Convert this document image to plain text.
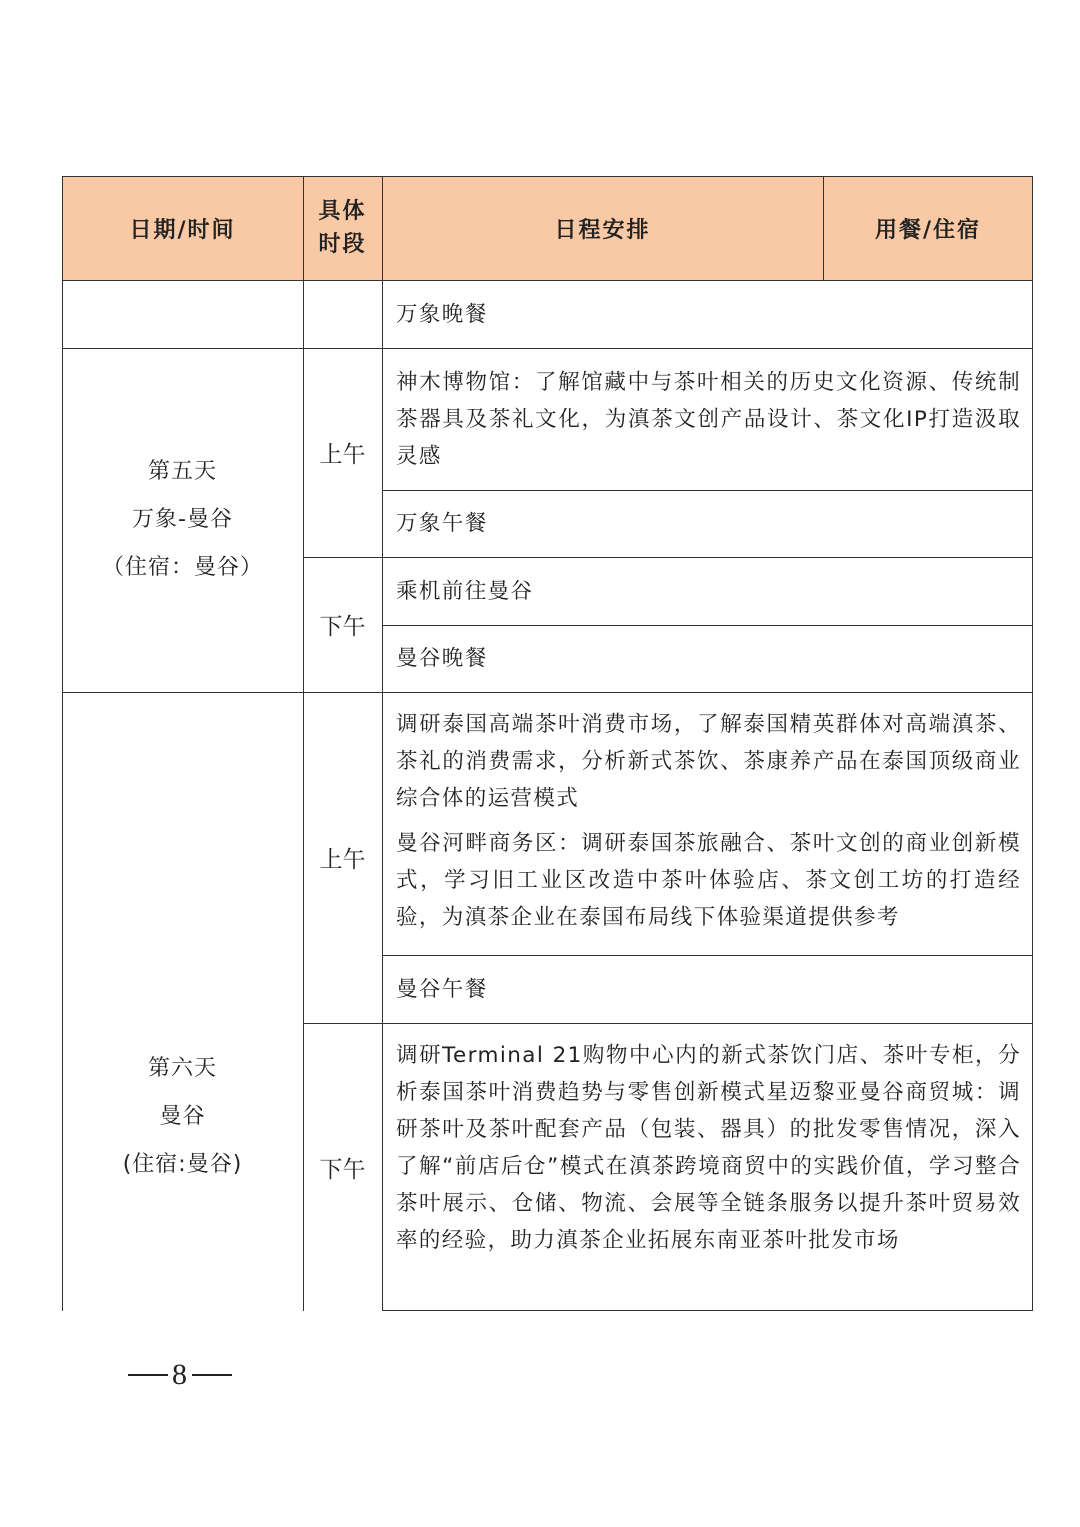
日期/时间
具体
时段
日程安排	用餐/住宿
万象晚餐
第五天
万象-曼谷
（住宿：曼谷）
上午
神木博物馆：了解馆藏中与茶叶相关的历史文化资源、传统制茶器具及茶礼文化，为滇茶文创产品设计、茶文化IP打造汲取灵感
万象午餐
下午
乘机前往曼谷
曼谷晚餐
第六天
曼谷
(住宿:曼谷)
上午
调研泰国高端茶叶消费市场，了解泰国精英群体对高端滇茶、茶礼的消费需求，分析新式茶饮、茶康养产品在泰国顶级商业综合体的运营模式
曼谷河畔商务区：调研泰国茶旅融合、茶叶文创的商业创新模式，学习旧工业区改造中茶叶体验店、茶文创工坊的打造经验，为滇茶企业在泰国布局线下体验渠道提供参考
曼谷午餐
下午
调研Terminal 21购物中心内的新式茶饮门店、茶叶专柜，分析泰国茶叶消费趋势与零售创新模式星迈黎亚曼谷商贸城：调研茶叶及茶叶配套产品（包装、器具）的批发零售情况，深入了解“前店后仓”模式在滇茶跨境商贸中的实践价值，学习整合茶叶展示、仓储、物流、会展等全链条服务以提升茶叶贸易效率的经验，助力滇茶企业拓展东南亚茶叶批发市场
8
